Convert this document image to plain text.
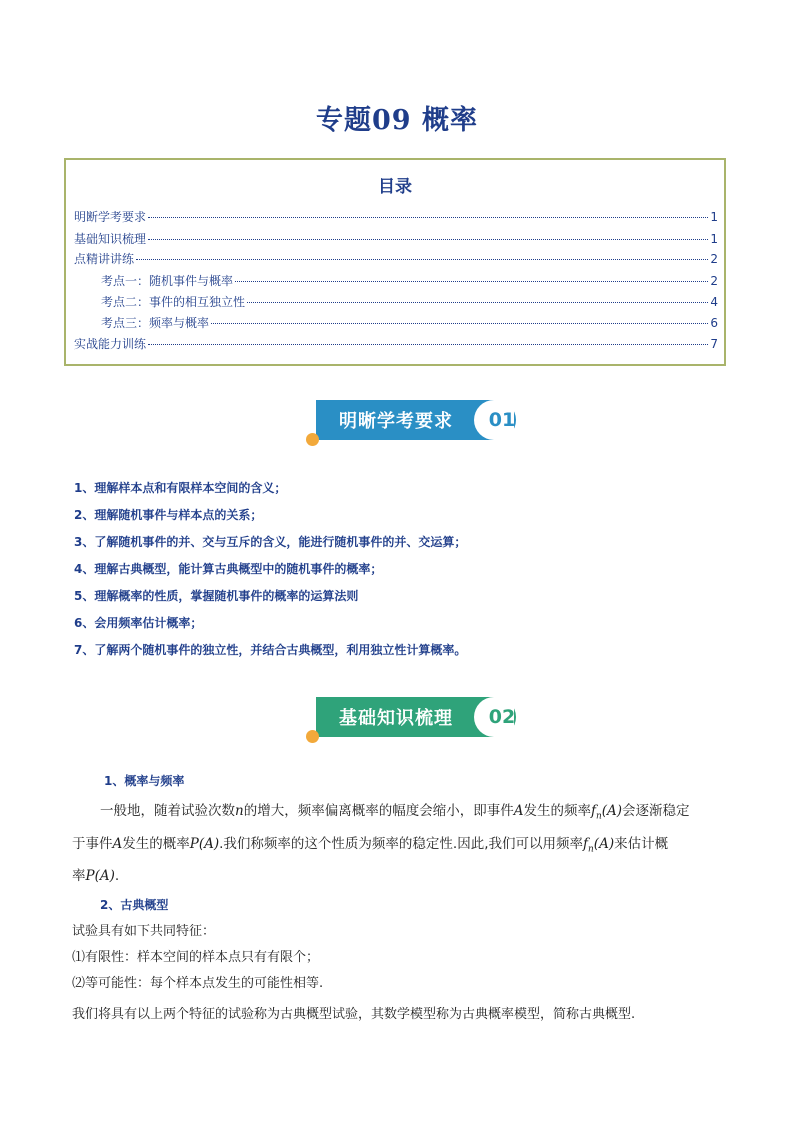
专题09 概率
目录
明断学考要求	1
基础知识梳理	1
点精讲讲练	2
考点一：随机事件与概率	2
考点二：事件的相互独立性	4
考点三：频率与概率	6
实战能力训练	7
明晰学考要求	01
1、理解样本点和有限样本空间的含义；
2、理解随机事件与样本点的关系；
3、了解随机事件的并、交与互斥的含义，能进行随机事件的并、交运算；
4、理解古典概型，能计算古典概型中的随机事件的概率；
5、理解概率的性质，掌握随机事件的概率的运算法则
6、会用频率估计概率；
7、了解两个随机事件的独立性，并结合古典概型，利用独立性计算概率。
基础知识梳理	02
1、概率与频率
一般地，随着试验次数n的增大，频率偏离概率的幅度会缩小，即事件A发生的频率$f_n(A)$会逐渐稳定
于事件A发生的概率P(A).我们称频率的这个性质为频率的稳定性.因此,我们可以用频率$f_n(A)$来估计概
率P(A).
2、古典概型
试验具有如下共同特征：
⑴有限性：样本空间的样本点只有有限个；
⑵等可能性：每个样本点发生的可能性相等.
我们将具有以上两个特征的试验称为古典概型试验，其数学模型称为古典概率模型，简称古典概型.
